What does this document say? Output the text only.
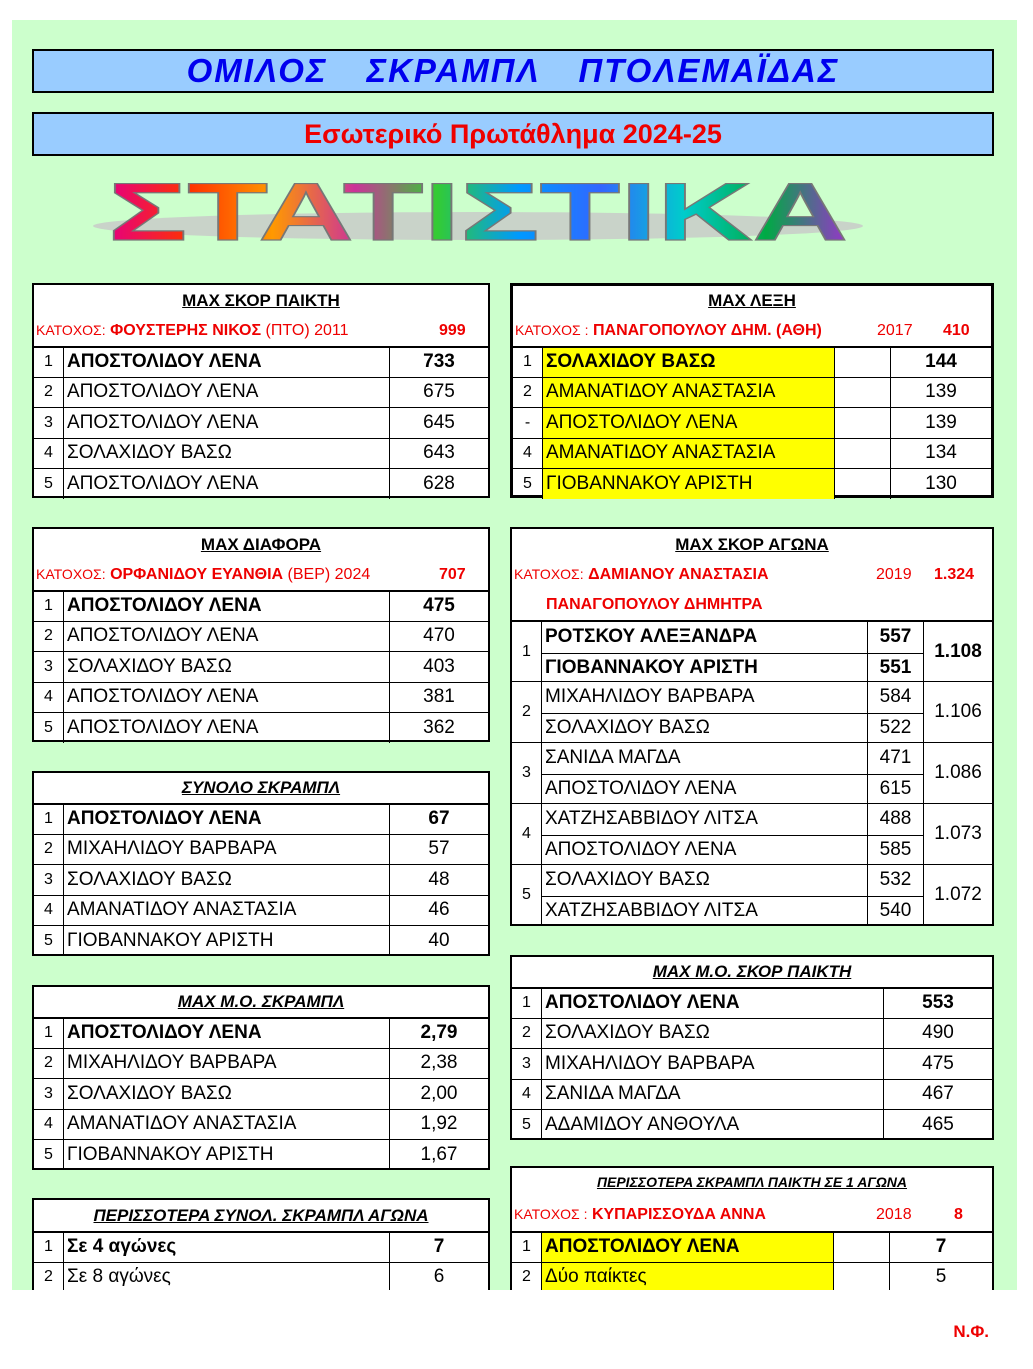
ΟΜΙΛΟΣ ΣΚΡΑΜΠΛ ΠΤΟΛΕΜΑΪΔΑΣ
Εσωτερικό Πρωτάθλημα 2024-25
ΣΤΑΤΙΣΤΙΚΑ
ΜΑΧ ΣΚΟΡ ΠΑΙΚΤΗ
ΚΑΤΟΧΟΣ: ΦΟΥΣΤΕΡΗΣ ΝΙΚΟΣ (ΠΤΟ) 2011	999
1 ΑΠΟΣΤΟΛΙΔΟΥ ΛΕΝΑ	733
2 ΑΠΟΣΤΟΛΙΔΟΥ ΛΕΝΑ	675
3 ΑΠΟΣΤΟΛΙΔΟΥ ΛΕΝΑ	645
4 ΣΟΛΑΧΙΔΟΥ ΒΑΣΩ	643
5 ΑΠΟΣΤΟΛΙΔΟΥ ΛΕΝΑ	628
ΜΑΧ ΛΕΞΗ
ΚΑΤΟΧΟΣ : ΠΑΝΑΓΟΠΟΥΛΟΥ ΔΗΜ. (ΑΘΗ)	2017 410
1 ΣΟΛΑΧΙΔΟΥ ΒΑΣΩ	144
2 ΑΜΑΝΑΤΙΔΟΥ ΑΝΑΣΤΑΣΙΑ	139
- ΑΠΟΣΤΟΛΙΔΟΥ ΛΕΝΑ	139
4 ΑΜΑΝΑΤΙΔΟΥ ΑΝΑΣΤΑΣΙΑ	134
5 ΓΙΟΒΑΝΝΑΚΟΥ ΑΡΙΣΤΗ	130
ΜΑΧ ΔΙΑΦΟΡΑ
ΚΑΤΟΧΟΣ: ΟΡΦΑΝΙΔΟΥ ΕΥΑΝΘΙΑ (ΒΕΡ) 2024	707
1 ΑΠΟΣΤΟΛΙΔΟΥ ΛΕΝΑ	475
2 ΑΠΟΣΤΟΛΙΔΟΥ ΛΕΝΑ	470
3 ΣΟΛΑΧΙΔΟΥ ΒΑΣΩ	403
4 ΑΠΟΣΤΟΛΙΔΟΥ ΛΕΝΑ	381
5 ΑΠΟΣΤΟΛΙΔΟΥ ΛΕΝΑ	362
ΜΑΧ ΣΚΟΡ ΑΓΩΝΑ
ΚΑΤΟΧΟΣ: ΔΑΜΙΑΝΟΥ ΑΝΑΣΤΑΣΙΑ	2019 1.324
ΠΑΝΑΓΟΠΟΥΛΟΥ ΔΗΜΗΤΡΑ
1
ΡΟΤΣΚΟΥ ΑΛΕΞΑΝΔΡΑ	557
ΓΙΟΒΑΝΝΑΚΟΥ ΑΡΙΣΤΗ	551
1.108
2
ΜΙΧΑΗΛΙΔΟΥ ΒΑΡΒΑΡΑ	584
ΣΟΛΑΧΙΔΟΥ ΒΑΣΩ	522
1.106
3
ΣΑΝΙΔΑ ΜΑΓΔΑ	471
ΑΠΟΣΤΟΛΙΔΟΥ ΛΕΝΑ	615
1.086
4
ΧΑΤΖΗΣΑΒΒΙΔΟΥ ΛΙΤΣΑ	488
ΑΠΟΣΤΟΛΙΔΟΥ ΛΕΝΑ	585
1.073
5
ΣΟΛΑΧΙΔΟΥ ΒΑΣΩ	532
ΧΑΤΖΗΣΑΒΒΙΔΟΥ ΛΙΤΣΑ	540
1.072
ΣΥΝΟΛΟ ΣΚΡΑΜΠΛ
1 ΑΠΟΣΤΟΛΙΔΟΥ ΛΕΝΑ	67
2 ΜΙΧΑΗΛΙΔΟΥ ΒΑΡΒΑΡΑ	57
3 ΣΟΛΑΧΙΔΟΥ ΒΑΣΩ	48
4 ΑΜΑΝΑΤΙΔΟΥ ΑΝΑΣΤΑΣΙΑ	46
5 ΓΙΟΒΑΝΝΑΚΟΥ ΑΡΙΣΤΗ	40
ΜΑΧ Μ.Ο. ΣΚΟΡ ΠΑΙΚΤΗ
1 ΑΠΟΣΤΟΛΙΔΟΥ ΛΕΝΑ	553
2 ΣΟΛΑΧΙΔΟΥ ΒΑΣΩ	490
3 ΜΙΧΑΗΛΙΔΟΥ ΒΑΡΒΑΡΑ	475
4 ΣΑΝΙΔΑ ΜΑΓΔΑ	467
5 ΑΔΑΜΙΔΟΥ ΑΝΘΟΥΛΑ	465
ΜΑΧ Μ.Ο. ΣΚΡΑΜΠΛ
1 ΑΠΟΣΤΟΛΙΔΟΥ ΛΕΝΑ	2,79
2 ΜΙΧΑΗΛΙΔΟΥ ΒΑΡΒΑΡΑ	2,38
3 ΣΟΛΑΧΙΔΟΥ ΒΑΣΩ	2,00
4 ΑΜΑΝΑΤΙΔΟΥ ΑΝΑΣΤΑΣΙΑ	1,92
5 ΓΙΟΒΑΝΝΑΚΟΥ ΑΡΙΣΤΗ	1,67
ΠΕΡΙΣΣΟΤΕΡΑ ΣΚΡΑΜΠΛ ΠΑΙΚΤΗ ΣΕ 1 ΑΓΩΝΑ
ΚΑΤΟΧΟΣ : ΚΥΠΑΡΙΣΣΟΥΔΑ ΑΝΝΑ	2018	8
1 ΑΠΟΣΤΟΛΙΔΟΥ ΛΕΝΑ	7
2 Δύο παίκτες	5
ΠΕΡΙΣΣΟΤΕΡΑ ΣΥΝΟΛ. ΣΚΡΑΜΠΛ ΑΓΩΝΑ
1 Σε 4 αγώνες	7
2 Σε 8 αγώνες	6
Ν.Φ.
